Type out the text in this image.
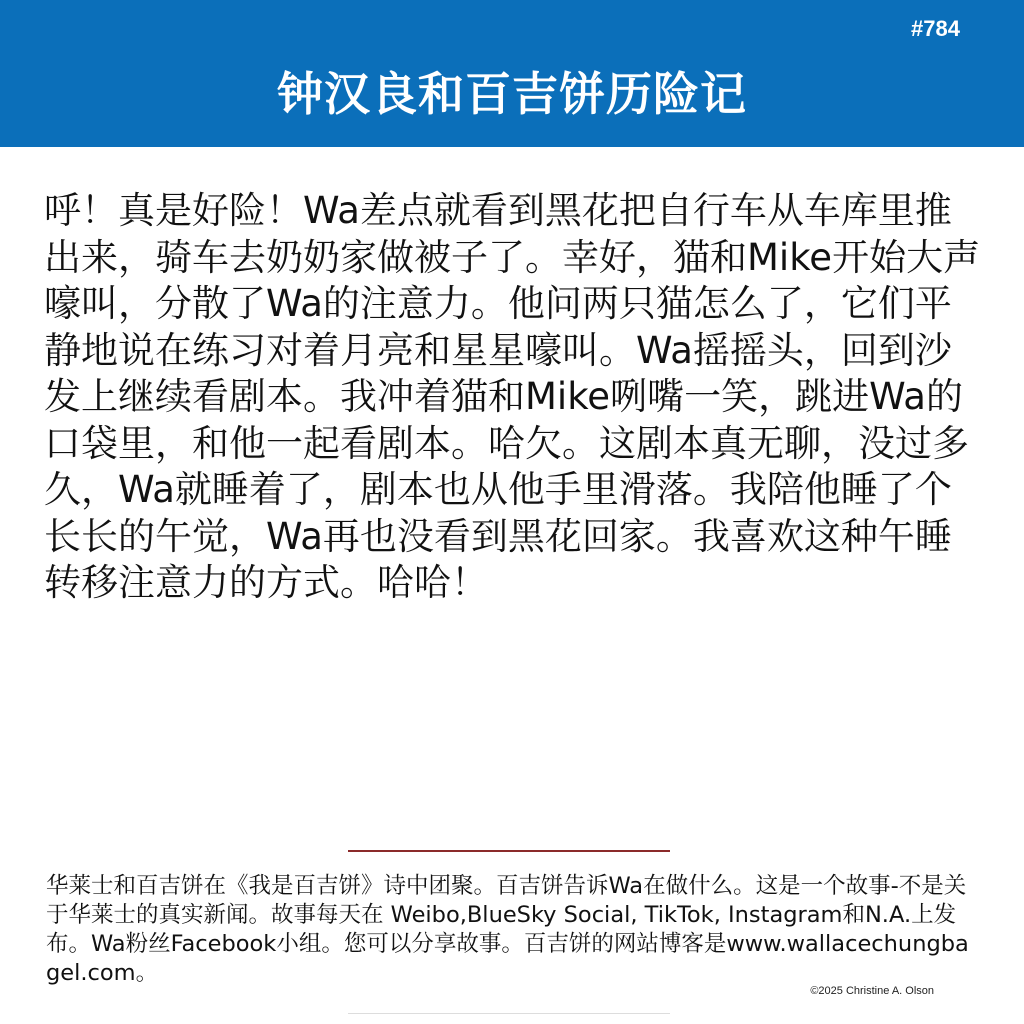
#784
钟汉良和百吉饼历险记

呼！真是好险！Wa差点就看到黑花把自行车从车库里推出来，骑车去奶奶家做被子了。幸好，猫和Mike开始大声嚎叫，分散了Wa的注意力。他问两只猫怎么了，它们平静地说在练习对着月亮和星星嚎叫。Wa摇摇头，回到沙发上继续看剧本。我冲着猫和Mike咧嘴一笑，跳进Wa的口袋里，和他一起看剧本。哈欠。这剧本真无聊，没过多久，Wa就睡着了，剧本也从他手里滑落。我陪他睡了个长长的午觉，Wa再也没看到黑花回家。我喜欢这种午睡转移注意力的方式。哈哈！

华莱士和百吉饼在《我是百吉饼》诗中团聚。百吉饼告诉Wa在做什么。这是一个故事-不是关于华莱士的真实新闻。故事每天在 Weibo,BlueSky Social, TikTok, Instagram和N.A.上发布。Wa粉丝Facebook小组。您可以分享故事。百吉饼的网站博客是www.wallacechungbagel.com。

©2025 Christine A. Olson
